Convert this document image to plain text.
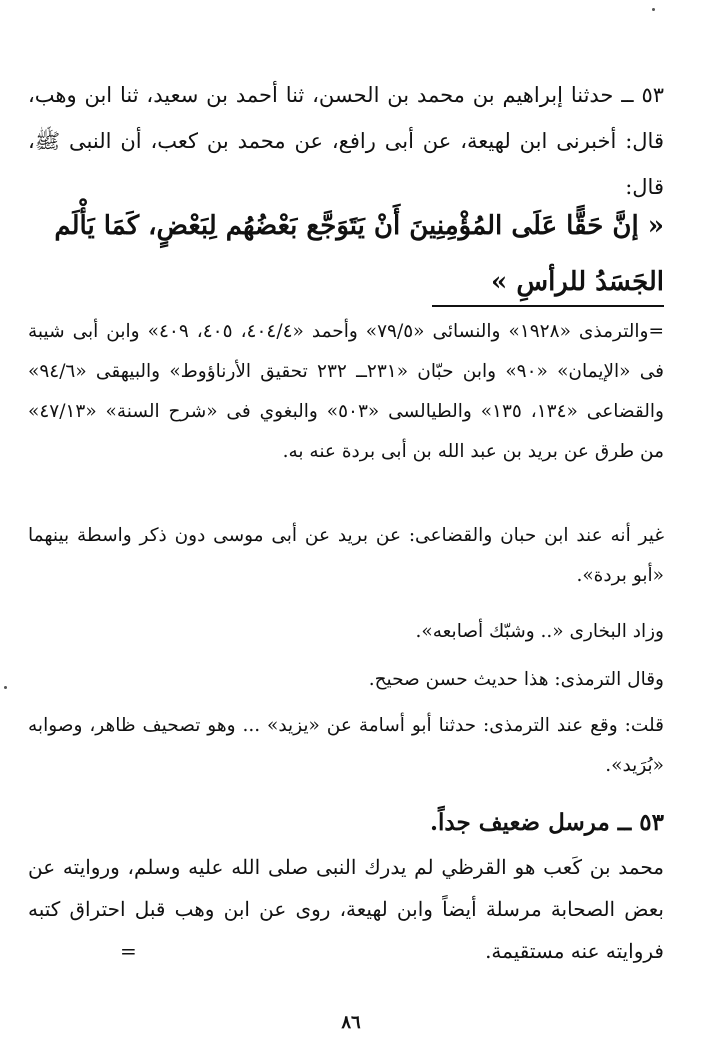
٥٣ ــ حدثنا إبراهيم بن محمد بن الحسن، ثنا أحمد بن سعيد، ثنا ابن وهب، قال: أخبرنى ابن لهيعة، عن أبى رافع، عن محمد بن كعب، أن النبى ﷺ، قال:

« إنَّ حَقًّا عَلَى المُؤْمِنِينَ أَنْ يَتَوَجَّع بَعْضُهُم لِبَعْضٍ، كَمَا يَأْلَم الجَسَدُ للرأسِ »

=والترمذى «١٩٢٨» والنسائى «٧٩/٥» وأحمد «٤٠٤/٤، ٤٠٥، ٤٠٩» وابن أبى شيبة فى «الإيمان» «٩٠» وابن حبّان «٢٣١ــ ٢٣٢ تحقيق الأرناؤوط» والبيهقى «٩٤/٦» والقضاعى «١٣٤، ١٣٥» والطيالسى «٥٠٣» والبغوي فى «شرح السنة» «٤٧/١٣» من طرق عن بريد بن عبد الله بن أبى بردة عنه به.

غير أنه عند ابن حبان والقضاعى: عن بريد عن أبى موسى دون ذكر واسطة بينهما «أبو بردة».

وزاد البخارى «.. وشبّك أصابعه».

وقال الترمذى: هذا حديث حسن صحيح.

قلت: وقع عند الترمذى: حدثنا أبو أسامة عن «يزيد» ... وهو تصحيف ظاهر، وصوابه «بُرَيد».

٥٣ ــ مرسل ضعيف جداً.

محمد بن كَعب هو القرظي لم يدرك النبى صلى الله عليه وسلم، وروايته عن بعض الصحابة مرسلة أيضاً وابن لهيعة، روى عن ابن وهب قبل احتراق كتبه فروايته عنه مستقيمة.

=
٨٦
